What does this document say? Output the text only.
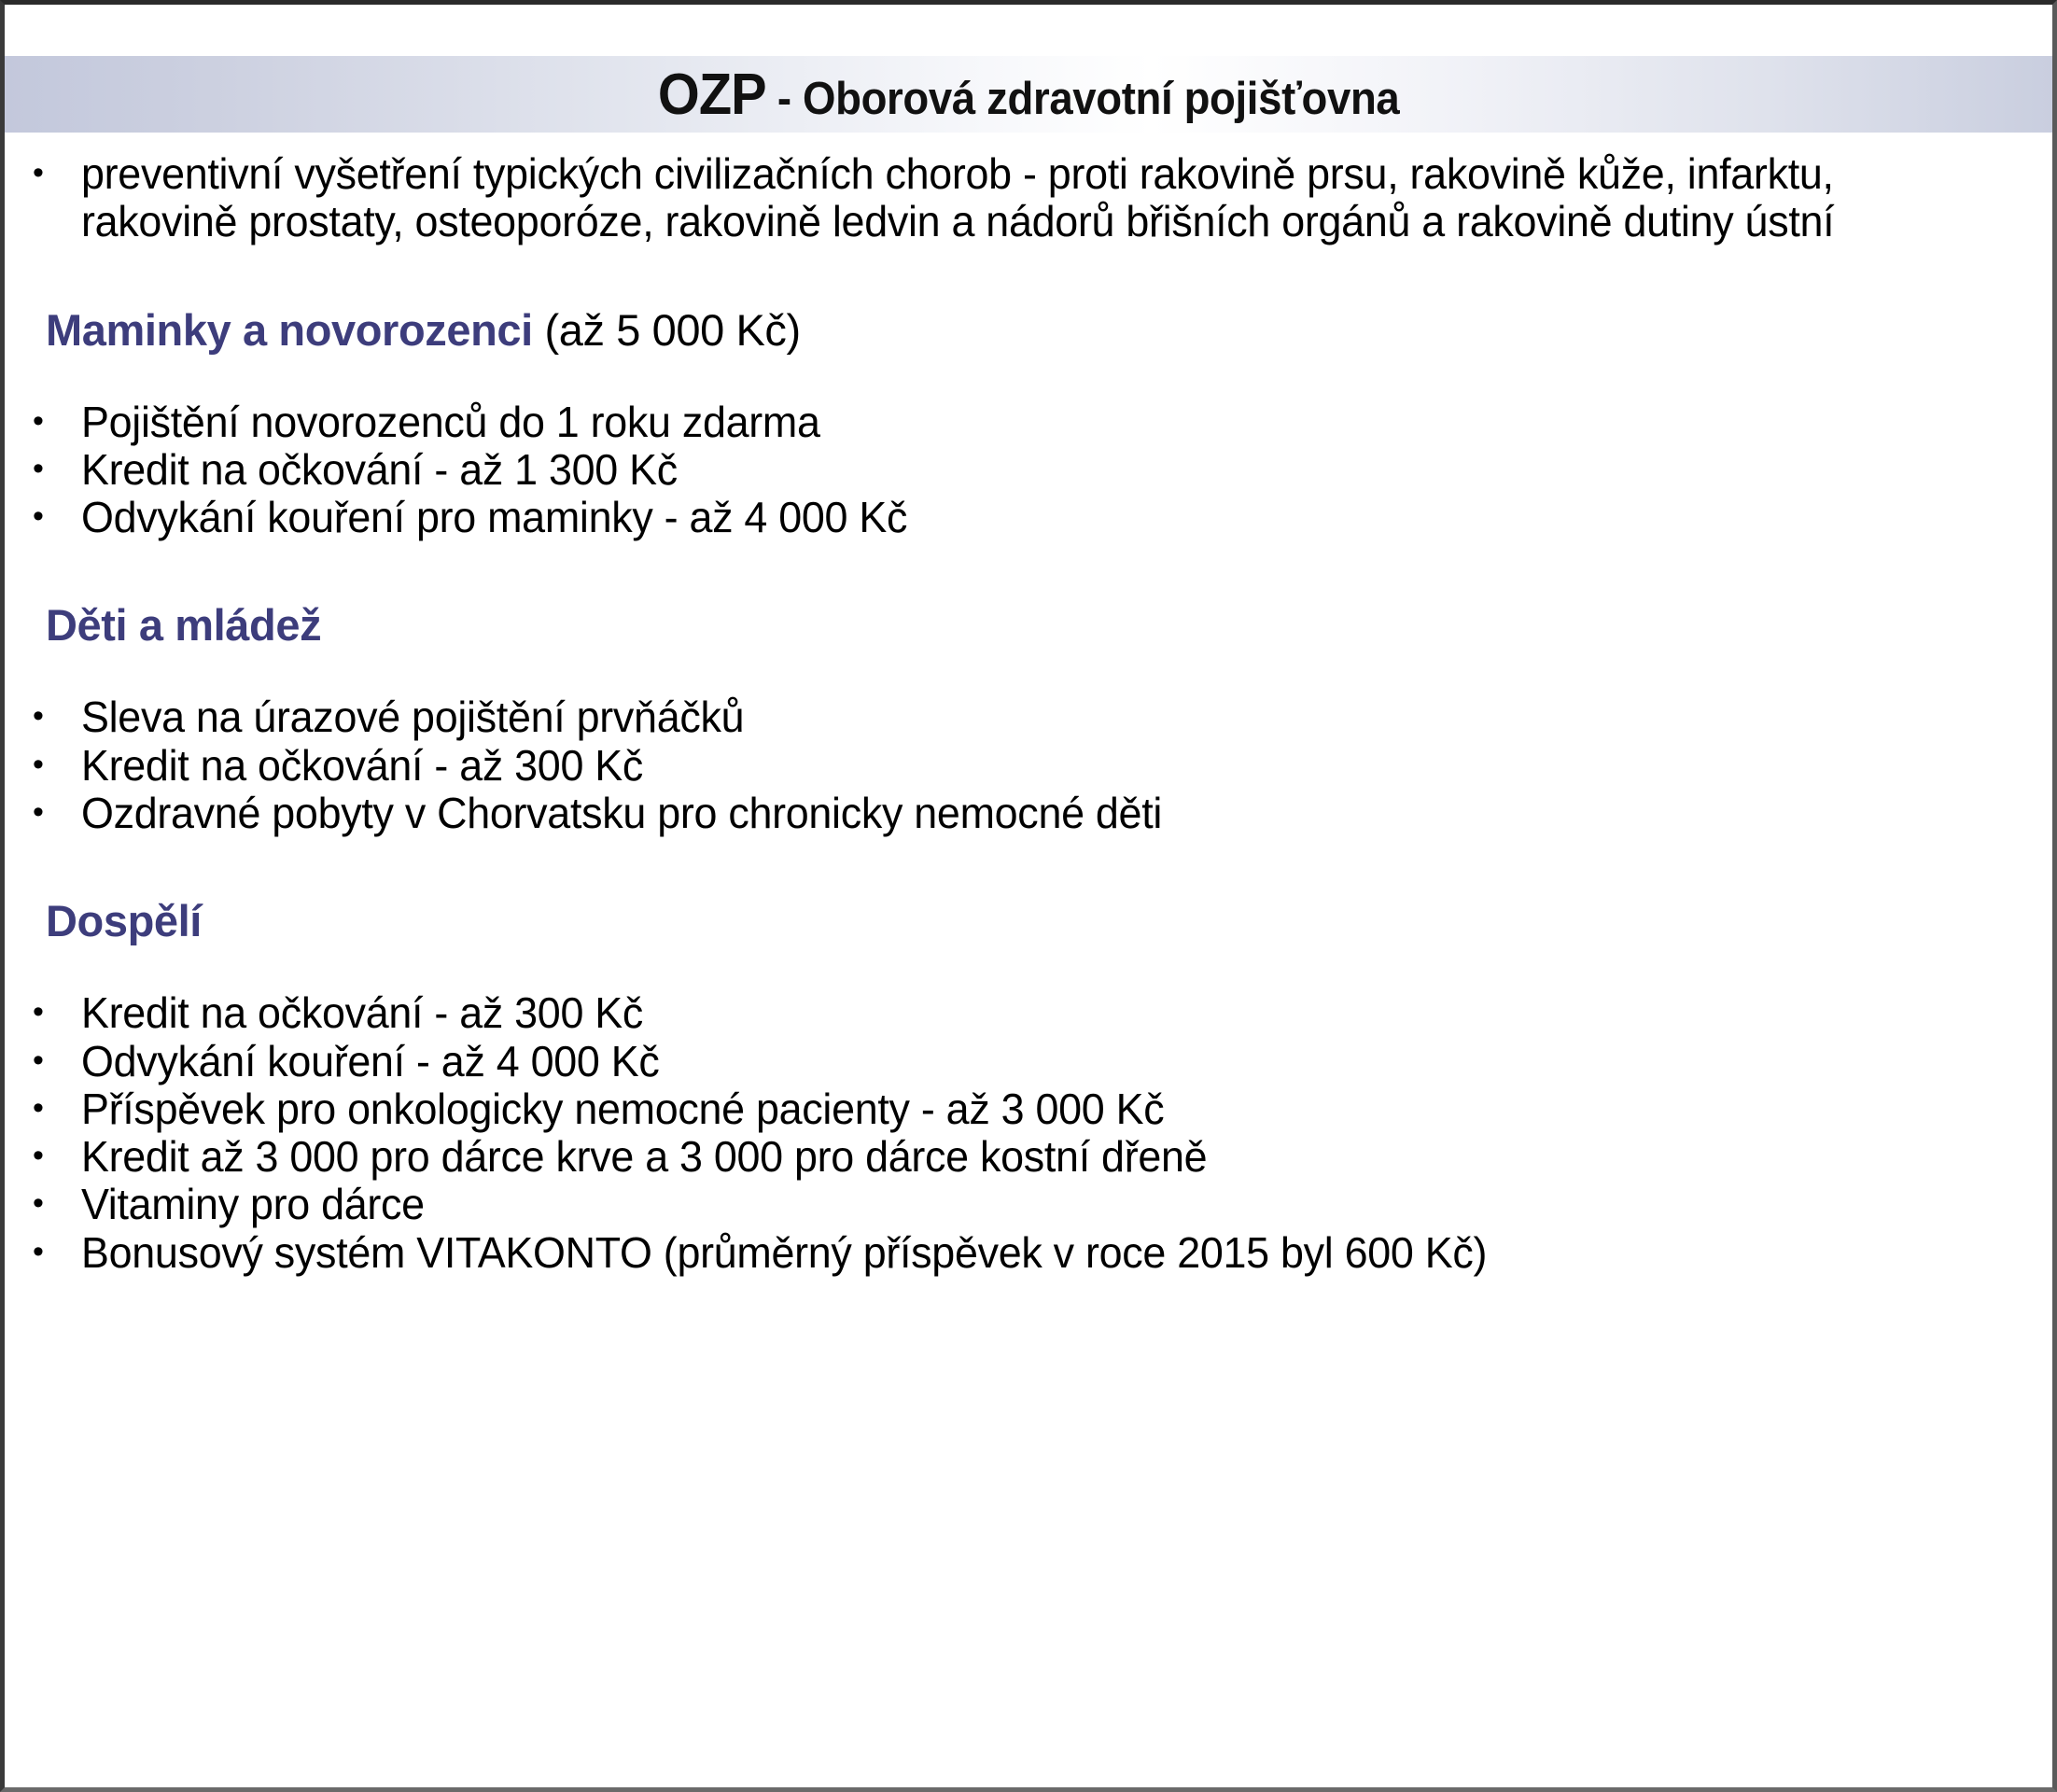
OZP - Oborová zdravotní pojišťovna
• preventivní vyšetření typických civilizačních chorob - proti rakovině prsu, rakovině kůže, infarktu, rakovině prostaty, osteoporóze, rakovině ledvin a nádorů břišních orgánů a rakovině dutiny ústní
Maminky a novorozenci (až 5 000 Kč)
• Pojištění novorozenců do 1 roku zdarma
• Kredit na očkování - až 1 300 Kč
• Odvykání kouření pro maminky - až 4 000 Kč
Děti a mládež
• Sleva na úrazové pojištění prvňáčků
• Kredit na očkování - až 300 Kč
• Ozdravné pobyty v Chorvatsku pro chronicky nemocné děti
Dospělí
• Kredit na očkování - až 300 Kč
• Odvykání kouření - až 4 000 Kč
• Příspěvek pro onkologicky nemocné pacienty - až 3 000 Kč
• Kredit až 3 000 pro dárce krve a 3 000 pro dárce kostní dřeně
• Vitaminy pro dárce
• Bonusový systém VITAKONTO (průměrný příspěvek v roce 2015 byl 600 Kč)
